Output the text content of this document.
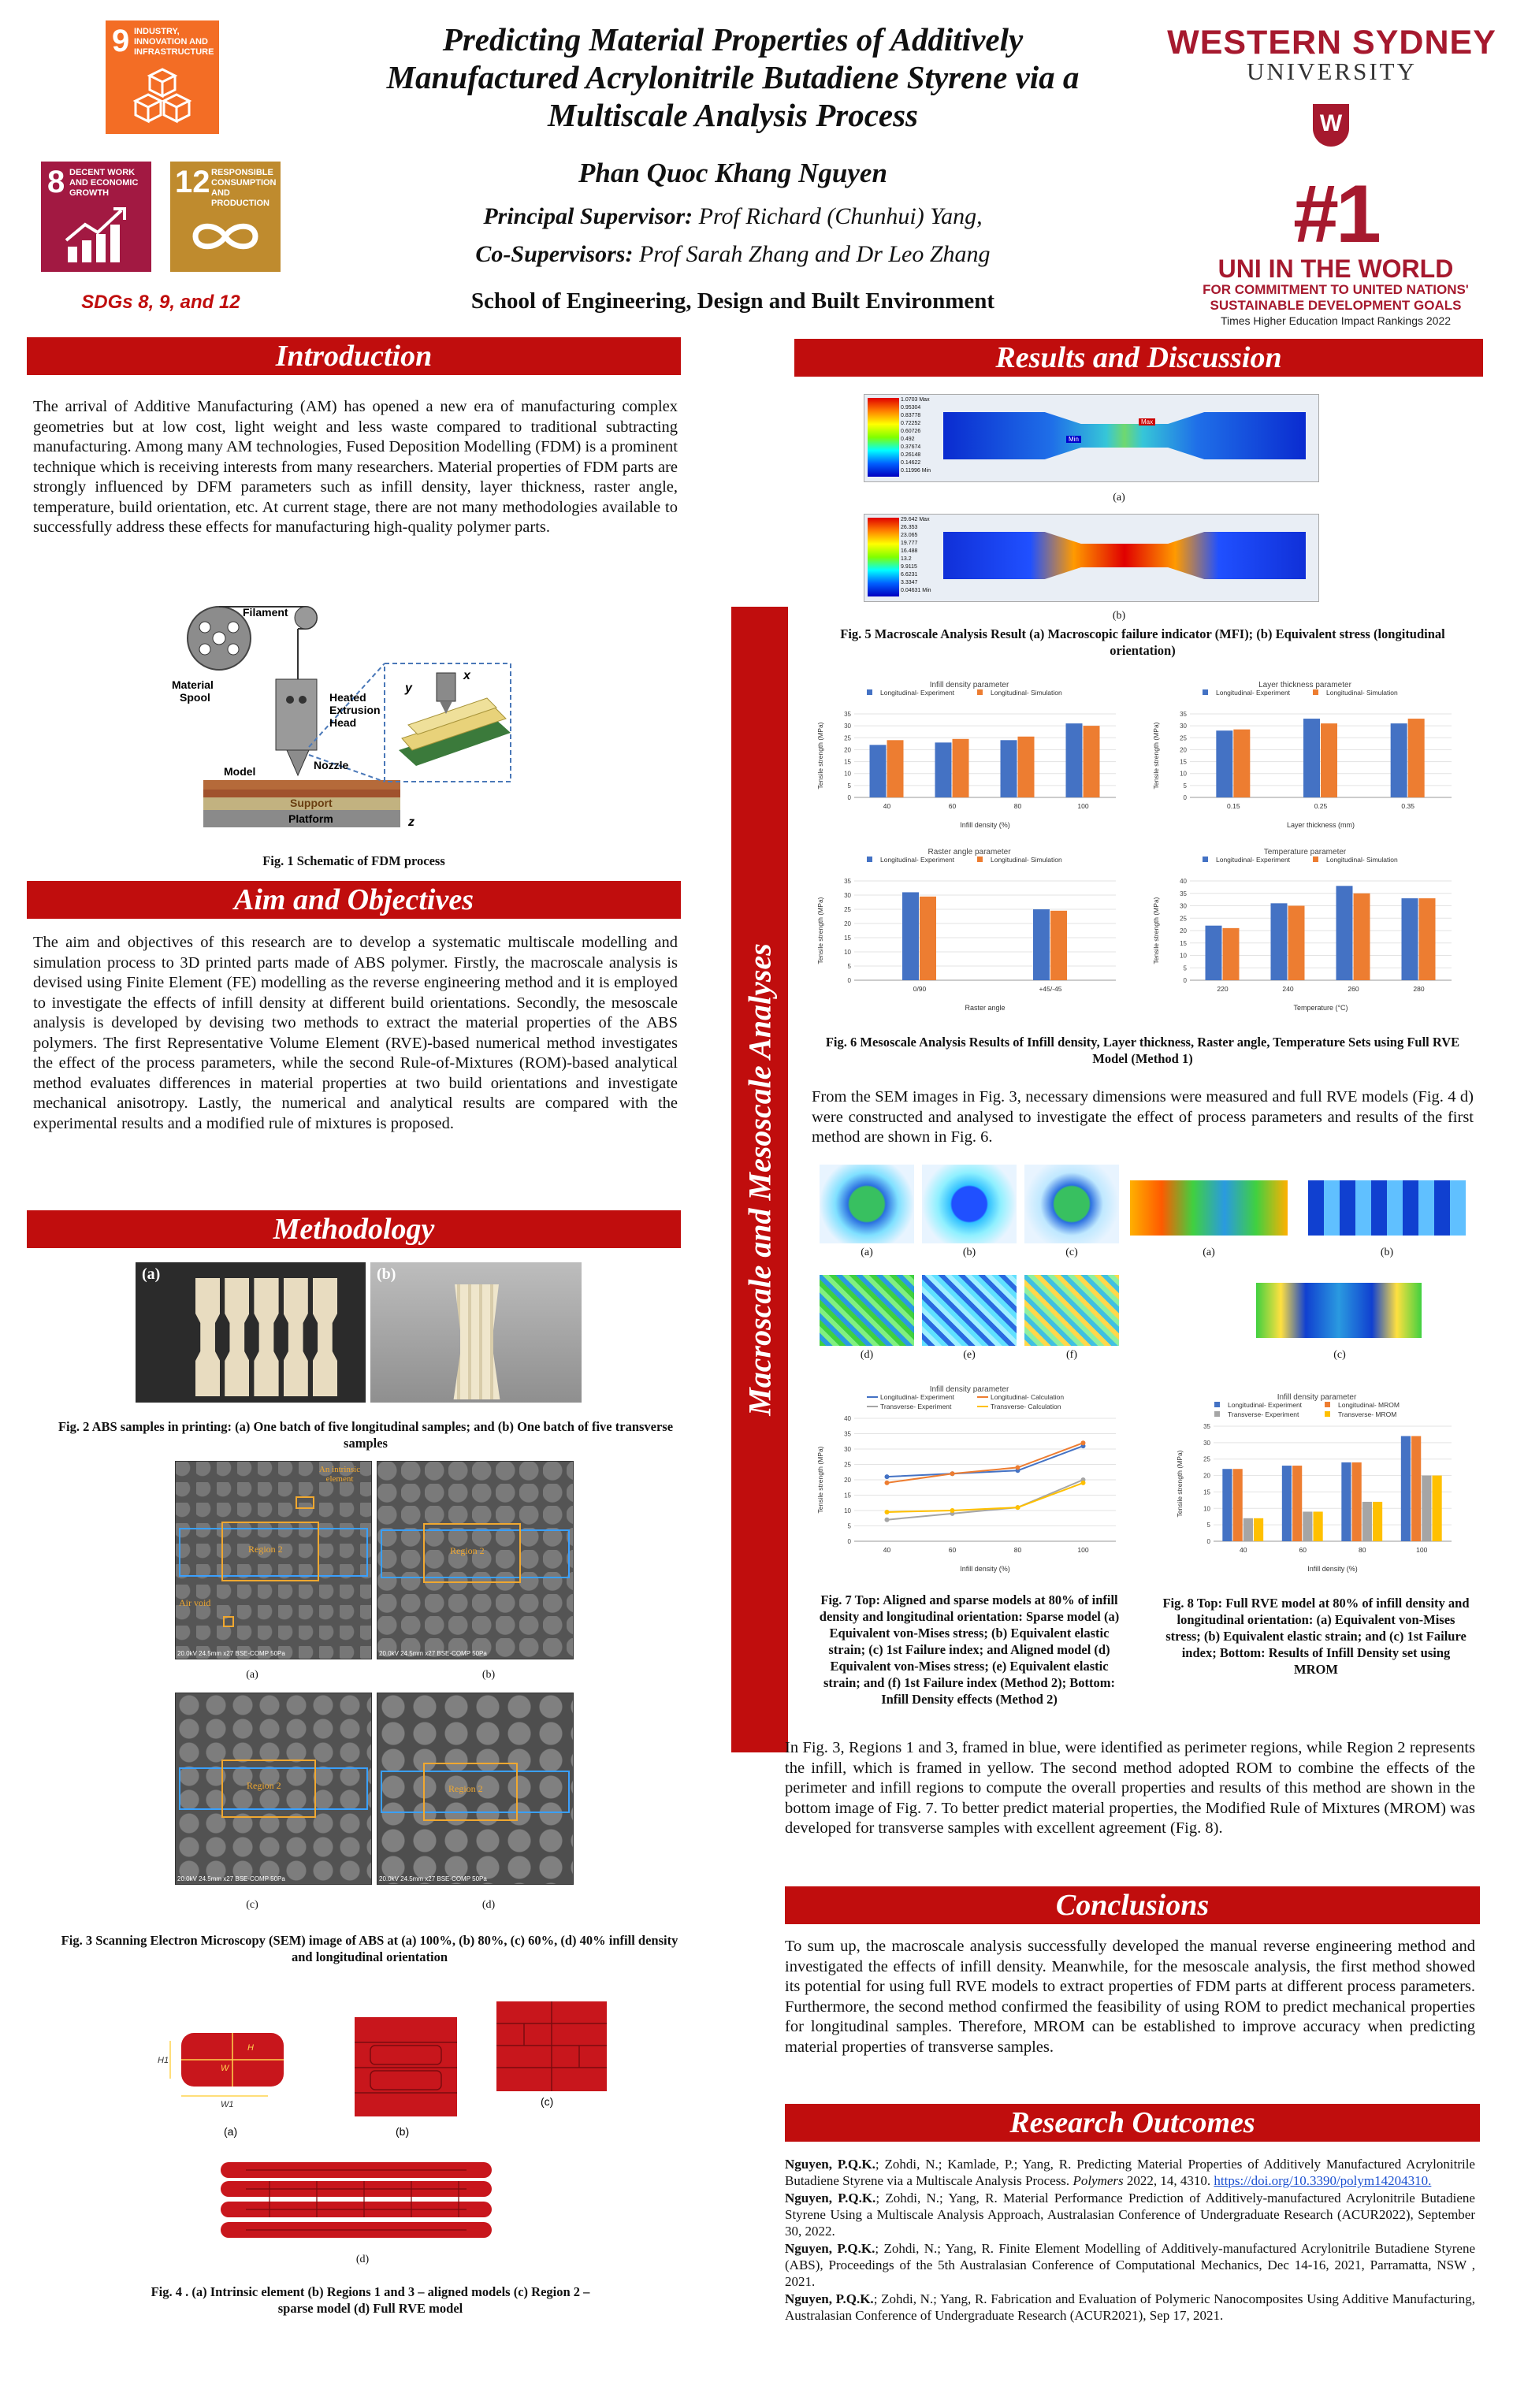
9 INDUSTRY, INNOVATION AND INFRASTRUCTURE
8 DECENT WORK AND ECONOMIC GROWTH	12 RESPONSIBLE CONSUMPTION AND PRODUCTION
SDGs 8, 9, and 12
Predicting Material Properties of Additively
Manufactured Acrylonitrile Butadiene Styrene via a
Multiscale Analysis Process
Phan Quoc Khang Nguyen
Principal Supervisor: Prof Richard (Chunhui) Yang,
Co-Supervisors: Prof Sarah Zhang and Dr Leo Zhang
School of Engineering, Design and Built Environment
WESTERN SYDNEY
UNIVERSITY
W
#1
UNI IN THE WORLD
FOR COMMITMENT TO UNITED NATIONS'
SUSTAINABLE DEVELOPMENT GOALS
Times Higher Education Impact Rankings 2022
Introduction

The arrival of Additive Manufacturing (AM) has opened a new era of manufacturing complex geometries but at low cost, light weight and less waste compared to traditional subtracting manufacturing. Among many AM technologies, Fused Deposition Modelling (FDM) is a prominent technique which is receiving interests from many researchers. Material properties of FDM parts are strongly influenced by DFM parameters such as infill density, layer thickness, raster angle, temperature, build orientation, etc. At current stage, there are not many methodologies available to successfully address these effects for manufacturing high-quality polymer parts.

x
y
z
Filament
Material Spool	Heated Extrusion Head
Nozzle
Model
Support
Platform
Fig. 1 Schematic of FDM process
Aim and Objectives

The aim and objectives of this research are to develop a systematic multiscale modelling and simulation process to 3D printed parts made of ABS polymer. Firstly, the macroscale analysis is devised using Finite Element (FE) modelling as the reverse engineering method and it is employed to investigate the effects of infill density at different build orientations. Secondly, the mesoscale analysis is developed by devising two methods to extract the material properties of the ABS polymers. The first Representative Volume Element (RVE)-based numerical method investigates the effect of the process parameters, while the second Rule-of-Mixtures (ROM)-based analytical method evaluates differences in material properties at two build orientations and investigate mechanical anisotropy. Lastly, the numerical and analytical results are compared with the experimental results and a modified rule of mixtures is proposed.

Methodology
(a)	(b)
Fig. 2 ABS samples in printing: (a) One batch of five longitudinal samples; and (b) One batch of five transverse samples
Region 2
An intrinsic element
Air void
20.0kV 24.5mm x27 BSE-COMP 50Pa
Region 2
20.0kV 24.5mm x27 BSE-COMP 50Pa
(a)	(b)
Region 2
20.0kV 24.5mm x27 BSE-COMP 50Pa
Region 2
20.0kV 24.5mm x27 BSE-COMP 50Pa
(c)	(d)
Fig. 3 Scanning Electron Microscopy (SEM) image of ABS at (a) 100%, (b) 80%, (c) 60%, (d) 40% infill density and longitudinal orientation
H
H1
W
W1
(a)	(b)
(c)
(d)
Fig. 4 . (a) Intrinsic element (b) Regions 1 and 3 – aligned models (c) Region 2 –
sparse model (d) Full RVE model
Macroscale and Mesoscale Analyses
Results and Discussion
1.0703 Max
0.95304
0.83778
0.72252
0.60726
0.492
0.37674
0.26148
0.14622
0.11996 Min
Max
Min
(a)
29.642 Max
26.353
23.065
19.777
16.488
13.2
9.9115
6.6231
3.3347
0.04631 Min
(b)
Fig. 5 Macroscale Analysis Result (a) Macroscopic failure indicator (MFI); (b) Equivalent stress (longitudinal orientation)
Infill density parameter
Longitudinal- Experiment	Longitudinal- Simulation
0
5
10
15
20
25
30
35
Tensile strength (MPa)
Infill density (%)
40	60	80	100
Layer thickness parameter
Longitudinal- Experiment	Longitudinal- Simulation
0
5
10
15
20
25
30
35
Tensile strength (MPa)
Layer thickness (mm)
0.15	0.25	0.35
Raster angle parameter
Longitudinal- Experiment	Longitudinal- Simulation
0
5
10
15
20
25
30
35
Tensile strength (MPa)
Raster angle
0/90	+45/-45
Temperature parameter
Longitudinal- Experiment	Longitudinal- Simulation
0
5
10
15
20
25
30
35
40
Tensile strength (MPa)
Temperature (°C)
220	240	260	280
Fig. 6 Mesoscale Analysis Results of Infill density, Layer thickness, Raster angle, Temperature Sets using Full RVE Model (Method 1)

From the SEM images in Fig. 3, necessary dimensions were measured and full RVE models (Fig. 4 d) were constructed and analysed to investigate the effect of process parameters and results of the first method are shown in Fig. 6.

(a)	(b)	(c)
(d)	(e)	(f)
(a)	(b)
(c)
Infill density parameter
Longitudinal- Experiment	Longitudinal- Calculation
Transverse- Experiment	Transverse- Calculation
0
5
10
15
20
25
30
35
40
Tensile strength (MPa)
Infill density (%)
40	60	80	100
Infill density parameter
Longitudinal- Experiment	Longitudinal- MROM
Transverse- Experiment	Transverse- MROM
0
5
10
15
20
25
30
35
Tensile strength (MPa)
Infill density (%)
40	60	80	100
Fig. 7 Top: Aligned and sparse models at 80% of infill density and longitudinal orientation: Sparse model (a) Equivalent von-Mises stress; (b) Equivalent elastic strain; (c) 1st Failure index; and Aligned model (d) Equivalent von-Mises stress; (e) Equivalent elastic strain; and (f) 1st Failure index (Method 2); Bottom: Infill Density effects (Method 2)
Fig. 8 Top: Full RVE model at 80% of infill density and longitudinal orientation: (a) Equivalent von-Mises stress; (b) Equivalent elastic strain; and (c) 1st Failure index; Bottom: Results of Infill Density set using MROM

In Fig. 3, Regions 1 and 3, framed in blue, were identified as perimeter regions, while Region 2 represents the infill, which is framed in yellow. The second method adopted ROM to combine the effects of the perimeter and infill regions to compute the overall properties and results of this method are shown in the bottom image of Fig. 7. To better predict material properties, the Modified Rule of Mixtures (MROM) was developed for transverse samples with excellent agreement (Fig. 8).

Conclusions

To sum up, the macroscale analysis successfully developed the manual reverse engineering method and investigated the effects of infill density. Meanwhile, for the mesoscale analysis, the first method showed its potential for using full RVE models to extract properties of FDM parts at different process parameters. Furthermore, the second method confirmed the feasibility of using ROM to predict mechanical properties for longitudinal samples. Therefore, MROM can be established to improve accuracy when predicting material properties of transverse samples.

Research Outcomes

Nguyen, P.Q.K.; Zohdi, N.; Kamlade, P.; Yang, R. Predicting Material Properties of Additively Manufactured Acrylonitrile Butadiene Styrene via a Multiscale Analysis Process. Polymers 2022, 14, 4310. https://doi.org/10.3390/polym14204310.

Nguyen, P.Q.K.; Zohdi, N.; Yang, R. Material Performance Prediction of Additively-manufactured Acrylonitrile Butadiene Styrene Using a Multiscale Analysis Approach, Australasian Conference of Undergraduate Research (ACUR2022), September 30, 2022.

Nguyen, P.Q.K.; Zohdi, N.; Yang, R. Finite Element Modelling of Additively-manufactured Acrylonitrile Butadiene Styrene (ABS), Proceedings of the 5th Australasian Conference of Computational Mechanics, Dec 14-16, 2021, Parramatta, NSW , 2021.

Nguyen, P.Q.K.; Zohdi, N.; Yang, R. Fabrication and Evaluation of Polymeric Nanocomposites Using Additive Manufacturing, Australasian Conference of Undergraduate Research (ACUR2021), Sep 17, 2021.
